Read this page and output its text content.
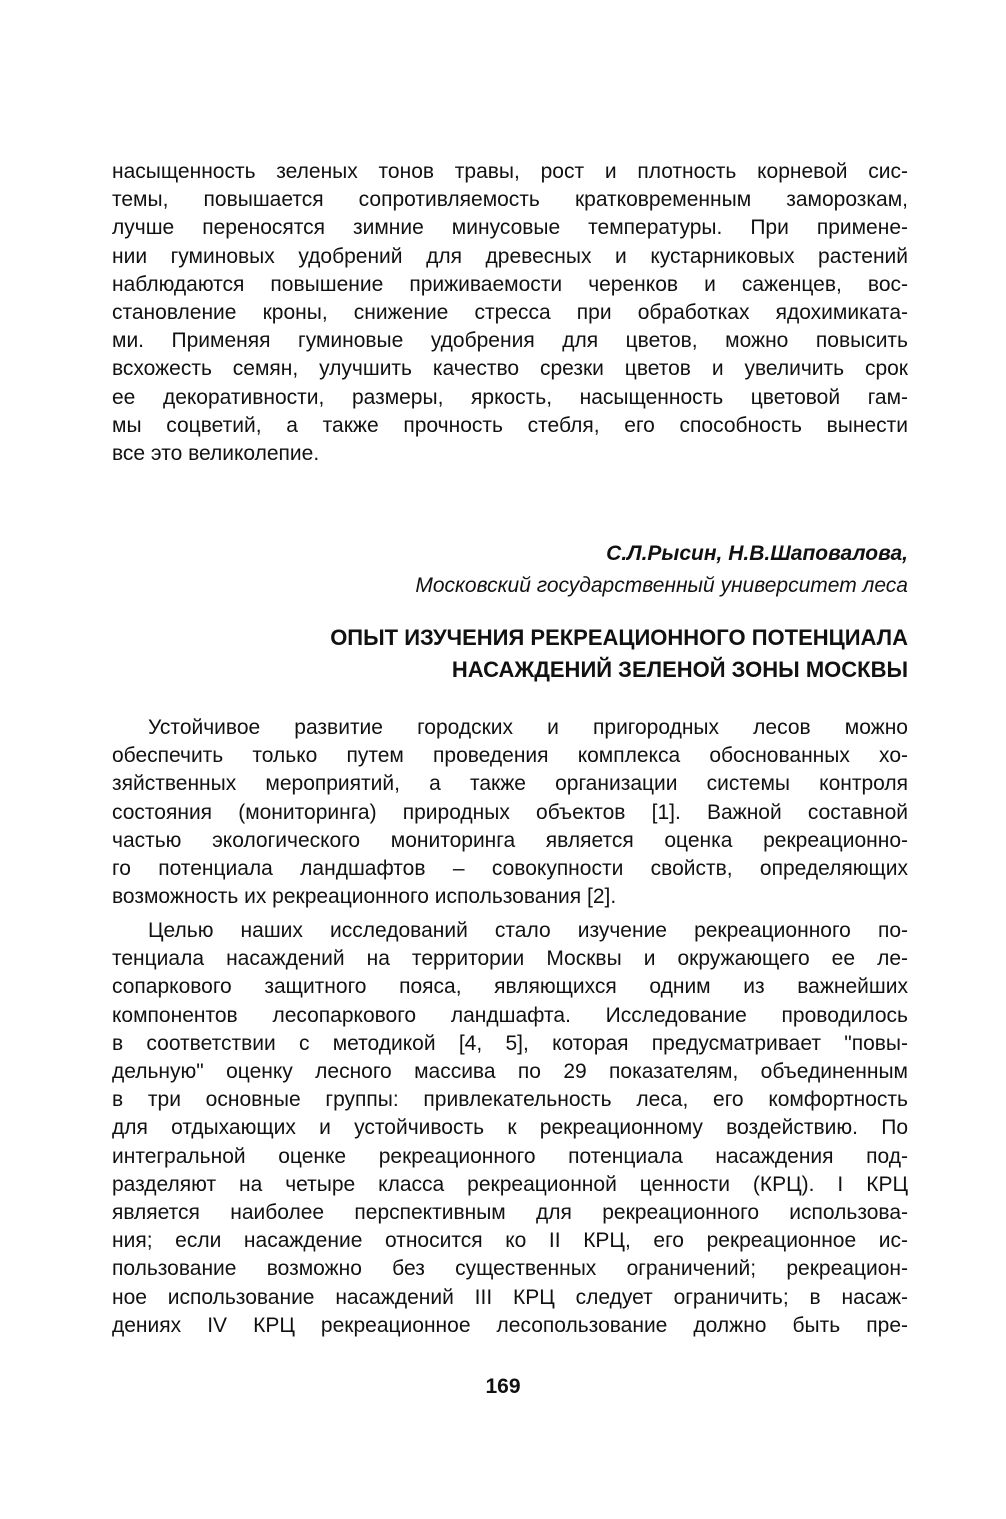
насыщенность зеленых тонов травы, рост и плотность корневой сис-
темы, повышается сопротивляемость кратковременным заморозкам,
лучше переносятся зимние минусовые температуры. При примене-
нии гуминовых удобрений для древесных и кустарниковых растений
наблюдаются повышение приживаемости черенков и саженцев, вос-
становление кроны, снижение стресса при обработках ядохимиката-
ми. Применяя гуминовые удобрения для цветов, можно повысить
всхожесть семян, улучшить качество срезки цветов и увеличить срок
ее декоративности, размеры, яркость, насыщенность цветовой гам-
мы соцветий, а также прочность стебля, его способность вынести
все это великолепие.
С.Л.Рысин, Н.В.Шаповалова,
Московский государственный университет леса
ОПЫТ ИЗУЧЕНИЯ РЕКРЕАЦИОННОГО ПОТЕНЦИАЛА
НАСАЖДЕНИЙ ЗЕЛЕНОЙ ЗОНЫ МОСКВЫ
Устойчивое развитие городских и пригородных лесов можно
обеспечить только путем проведения комплекса обоснованных хо-
зяйственных мероприятий, а также организации системы контроля
состояния (мониторинга) природных объектов [1]. Важной составной
частью экологического мониторинга является оценка рекреационно-
го потенциала ландшафтов – совокупности свойств, определяющих
возможность их рекреационного использования [2].
Целью наших исследований стало изучение рекреационного по-
тенциала насаждений на территории Москвы и окружающего ее ле-
сопаркового защитного пояса, являющихся одним из важнейших
компонентов лесопаркового ландшафта. Исследование проводилось
в соответствии с методикой [4, 5], которая предусматривает "повы-
дельную" оценку лесного массива по 29 показателям, объединенным
в три основные группы: привлекательность леса, его комфортность
для отдыхающих и устойчивость к рекреационному воздействию. По
интегральной оценке рекреационного потенциала насаждения под-
разделяют на четыре класса рекреационной ценности (КРЦ). I КРЦ
является наиболее перспективным для рекреационного использова-
ния; если насаждение относится ко II КРЦ, его рекреационное ис-
пользование возможно без существенных ограничений; рекреацион-
ное использование насаждений III КРЦ следует ограничить; в насаж-
дениях IV КРЦ рекреационное лесопользование должно быть пре-
169
